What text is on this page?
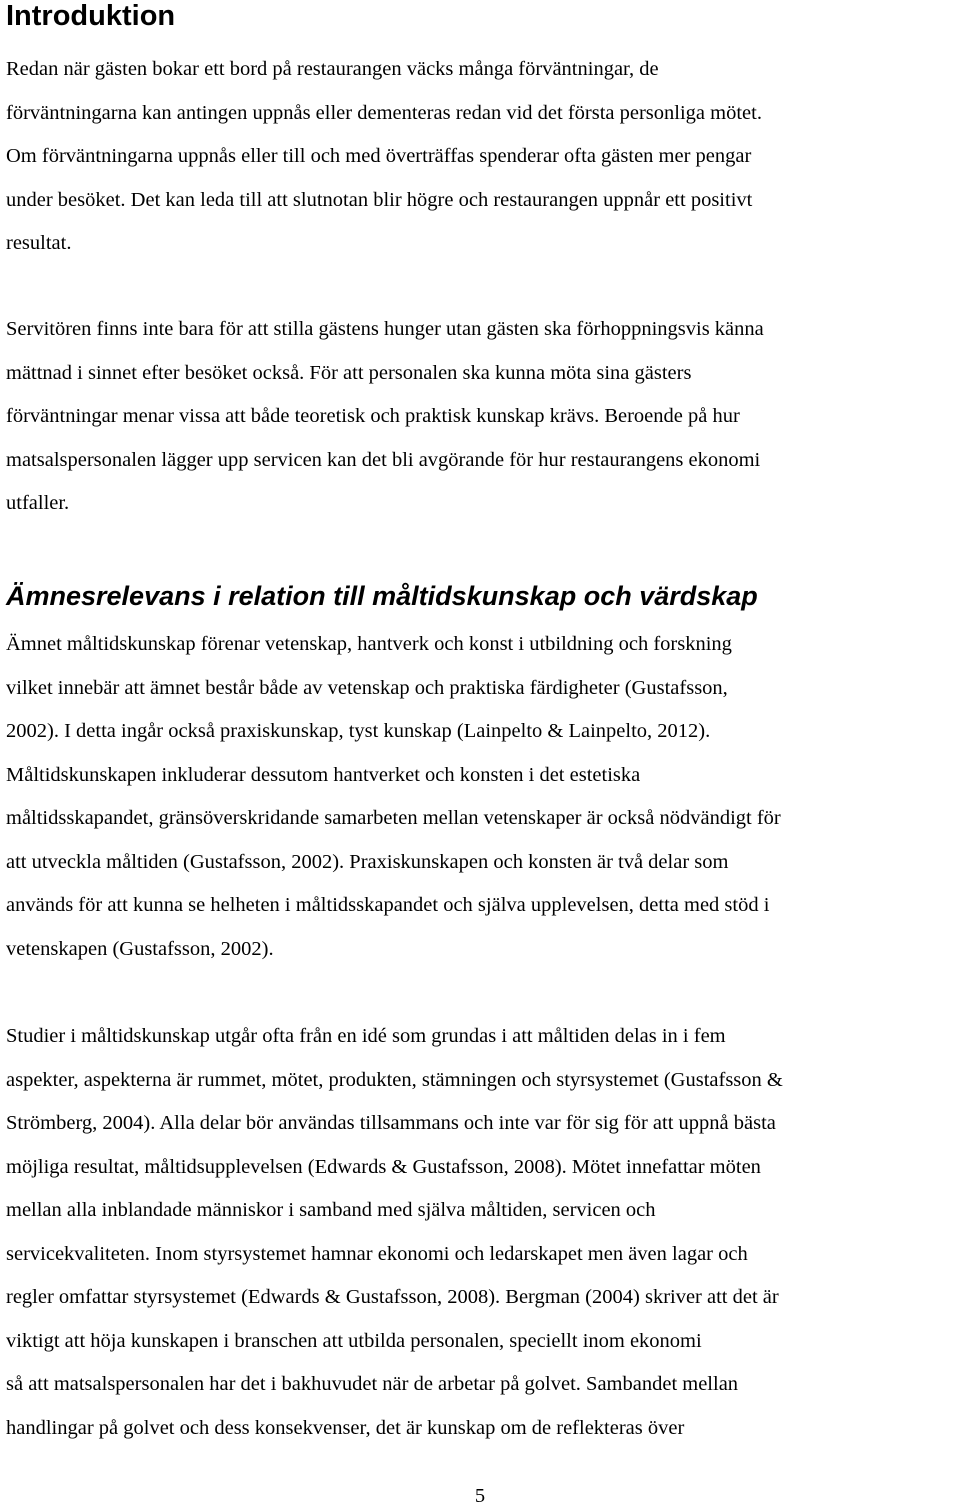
Introduktion

Redan när gästen bokar ett bord på restaurangen väcks många förväntningar, de
förväntningarna kan antingen uppnås eller dementeras redan vid det första personliga mötet.
Om förväntningarna uppnås eller till och med överträffas spenderar ofta gästen mer pengar
under besöket. Det kan leda till att slutnotan blir högre och restaurangen uppnår ett positivt
resultat.

Servitören finns inte bara för att stilla gästens hunger utan gästen ska förhoppningsvis känna
mättnad i sinnet efter besöket också. För att personalen ska kunna möta sina gästers
förväntningar menar vissa att både teoretisk och praktisk kunskap krävs. Beroende på hur
matsalspersonalen lägger upp servicen kan det bli avgörande för hur restaurangens ekonomi
utfaller.

Ämnesrelevans i relation till måltidskunskap och värdskap

Ämnet måltidskunskap förenar vetenskap, hantverk och konst i utbildning och forskning
vilket innebär att ämnet består både av vetenskap och praktiska färdigheter (Gustafsson,
2002). I detta ingår också praxiskunskap, tyst kunskap (Lainpelto & Lainpelto, 2012).
Måltidskunskapen inkluderar dessutom hantverket och konsten i det estetiska
måltidsskapandet, gränsöverskridande samarbeten mellan vetenskaper är också nödvändigt för
att utveckla måltiden (Gustafsson, 2002). Praxiskunskapen och konsten är två delar som
används för att kunna se helheten i måltidsskapandet och själva upplevelsen, detta med stöd i
vetenskapen (Gustafsson, 2002).

Studier i måltidskunskap utgår ofta från en idé som grundas i att måltiden delas in i fem
aspekter, aspekterna är rummet, mötet, produkten, stämningen och styrsystemet (Gustafsson &
Strömberg, 2004). Alla delar bör användas tillsammans och inte var för sig för att uppnå bästa
möjliga resultat, måltidsupplevelsen (Edwards & Gustafsson, 2008). Mötet innefattar möten
mellan alla inblandade människor i samband med själva måltiden, servicen och
servicekvaliteten. Inom styrsystemet hamnar ekonomi och ledarskapet men även lagar och
regler omfattar styrsystemet (Edwards & Gustafsson, 2008). Bergman (2004) skriver att det är
viktigt att höja kunskapen i branschen att utbilda personalen, speciellt inom ekonomi
så att matsalspersonalen har det i bakhuvudet när de arbetar på golvet. Sambandet mellan
handlingar på golvet och dess konsekvenser, det är kunskap om de reflekteras över

5
